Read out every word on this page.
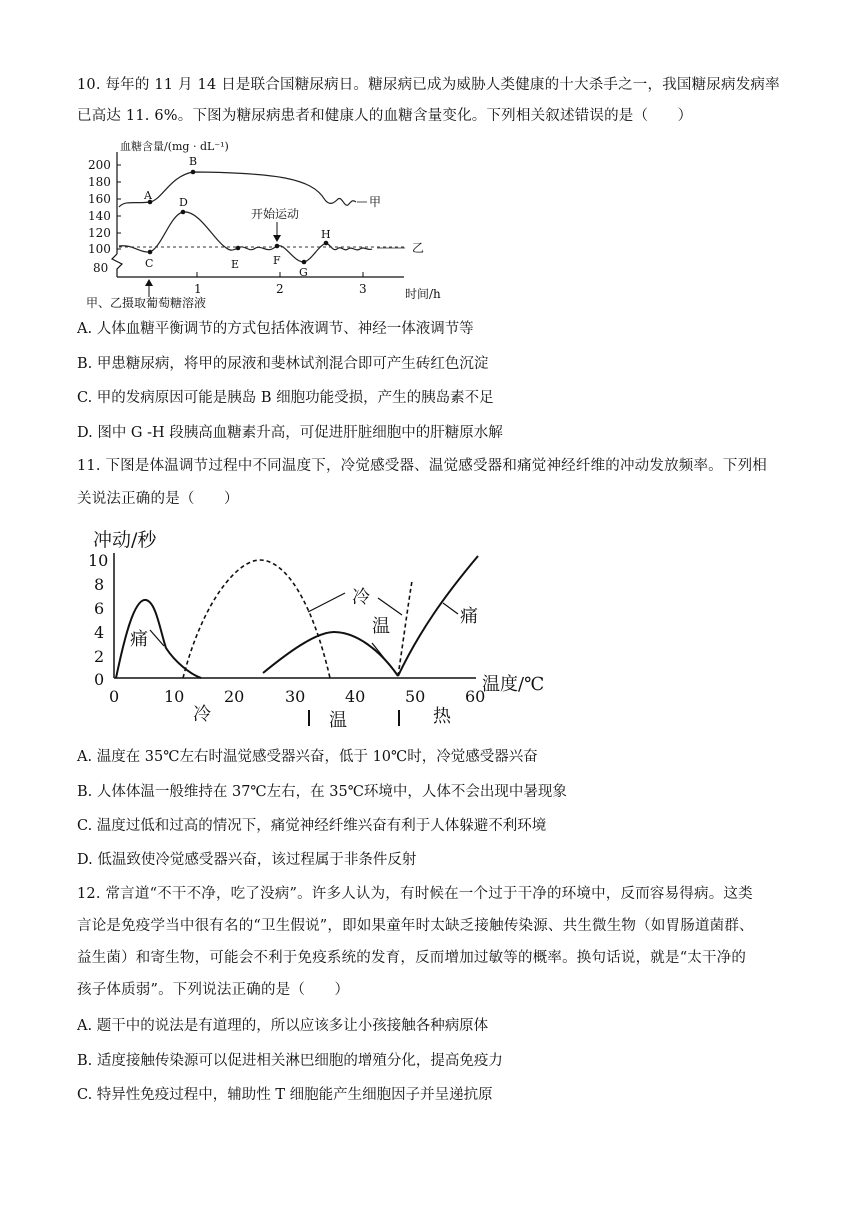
10. 每年的 11 月 14 日是联合国糖尿病日。糖尿病已成为威胁人类健康的十大杀手之一，我国糖尿病发病率
已高达 11. 6%。下图为糖尿病患者和健康人的血糖含量变化。下列相关叙述错误的是（　　）
血糖含量/(mg · dL⁻¹)
200
180
160
140
120
100
80
1	2	3	时间/h
甲
乙
A
B
C
D
E	F
G
H
开始运动
甲、乙摄取葡萄糖溶液
A. 人体血糖平衡调节的方式包括体液调节、神经一体液调节等
B. 甲患糖尿病，将甲的尿液和斐林试剂混合即可产生砖红色沉淀
C. 甲的发病原因可能是胰岛 B 细胞功能受损，产生的胰岛素不足
D. 图中 G -H 段胰高血糖素升高，可促进肝脏细胞中的肝糖原水解
11. 下图是体温调节过程中不同温度下，冷觉感受器、温觉感受器和痛觉神经纤维的冲动发放频率。下列相
关说法正确的是（　　）
冲动/秒
10
8
6
4
2
0
0	10 20	30 40 50 60
温度/℃
痛
冷
温	痛
冷	温	热
A. 温度在 35℃左右时温觉感受器兴奋，低于 10℃时，冷觉感受器兴奋
B. 人体体温一般维持在 37℃左右，在 35℃环境中，人体不会出现中暑现象
C. 温度过低和过高的情况下，痛觉神经纤维兴奋有利于人体躲避不利环境
D. 低温致使冷觉感受器兴奋，该过程属于非条件反射
12. 常言道“不干不净，吃了没病”。许多人认为，有时候在一个过于干净的环境中，反而容易得病。这类
言论是免疫学当中很有名的“卫生假说”，即如果童年时太缺乏接触传染源、共生微生物（如胃肠道菌群、
益生菌）和寄生物，可能会不利于免疫系统的发育，反而增加过敏等的概率。换句话说，就是“太干净的
孩子体质弱”。下列说法正确的是（　　）
A. 题干中的说法是有道理的，所以应该多让小孩接触各种病原体
B. 适度接触传染源可以促进相关淋巴细胞的增殖分化，提高免疫力
C. 特异性免疫过程中，辅助性 T 细胞能产生细胞因子并呈递抗原
